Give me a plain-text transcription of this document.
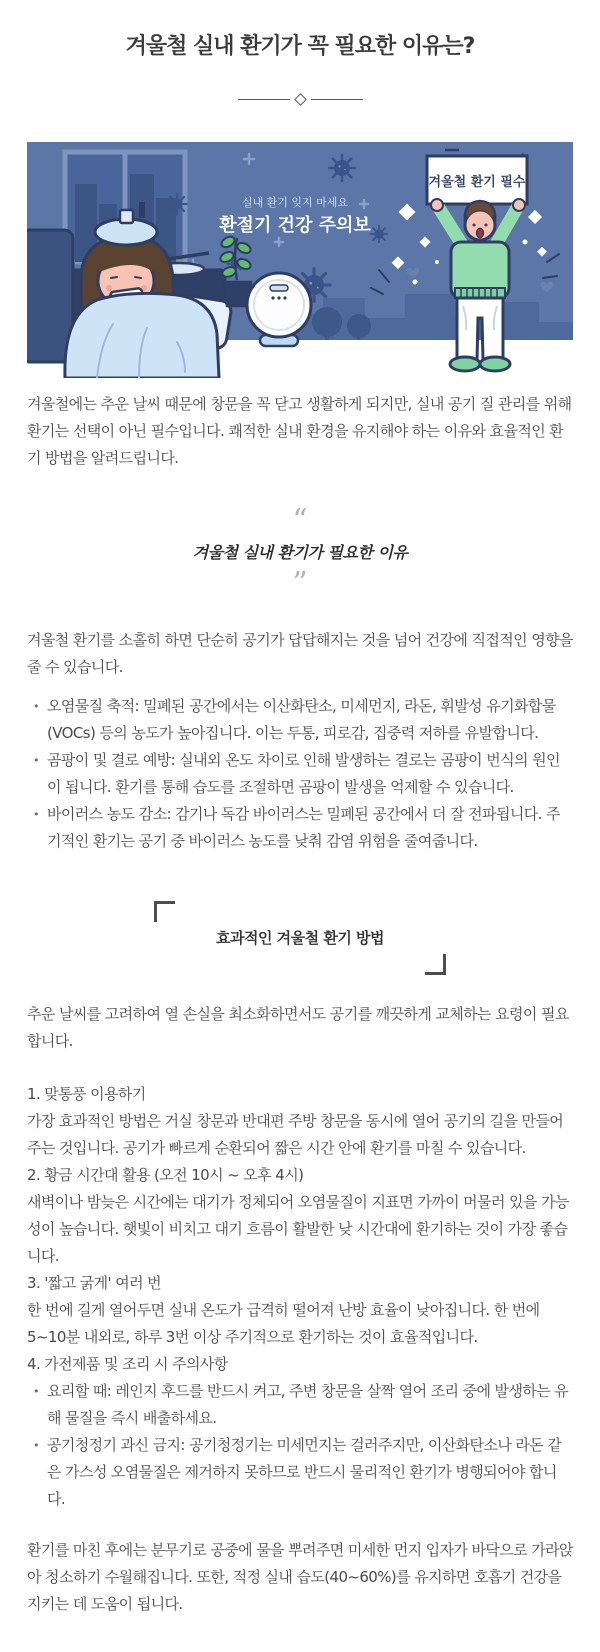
겨울철 실내 환기가 꼭 필요한 이유는?
실내 환기 잊지 마세요
환절기 건강 주의보
겨울철 환기 필수

겨울철에는 추운 날씨 때문에 창문을 꼭 닫고 생활하게 되지만, 실내 공기 질 관리를 위해 환기는 선택이 아닌 필수입니다. 쾌적한 실내 환경을 유지해야 하는 이유와 효율적인 환기 방법을 알려드립니다.

“
겨울철 실내 환기가 필요한 이유
”

겨울철 환기를 소홀히 하면 단순히 공기가 답답해지는 것을 넘어 건강에 직접적인 영향을 줄 수 있습니다.

• 오염물질 축적: 밀폐된 공간에서는 이산화탄소, 미세먼지, 라돈, 휘발성 유기화합물(VOCs) 등의 농도가 높아집니다. 이는 두통, 피로감, 집중력 저하를 유발합니다.
• 곰팡이 및 결로 예방: 실내외 온도 차이로 인해 발생하는 결로는 곰팡이 번식의 원인이 됩니다. 환기를 통해 습도를 조절하면 곰팡이 발생을 억제할 수 있습니다.
• 바이러스 농도 감소: 감기나 독감 바이러스는 밀폐된 공간에서 더 잘 전파됩니다. 주기적인 환기는 공기 중 바이러스 농도를 낮춰 감염 위험을 줄여줍니다.
효과적인 겨울철 환기 방법

추운 날씨를 고려하여 열 손실을 최소화하면서도 공기를 깨끗하게 교체하는 요령이 필요합니다.

1. 맞통풍 이용하기

가장 효과적인 방법은 거실 창문과 반대편 주방 창문을 동시에 열어 공기의 길을 만들어주는 것입니다. 공기가 빠르게 순환되어 짧은 시간 안에 환기를 마칠 수 있습니다.

2. 황금 시간대 활용 (오전 10시 ~ 오후 4시)

새벽이나 밤늦은 시간에는 대기가 정체되어 오염물질이 지표면 가까이 머물러 있을 가능성이 높습니다. 햇빛이 비치고 대기 흐름이 활발한 낮 시간대에 환기하는 것이 가장 좋습니다.

3. '짧고 굵게' 여러 번

한 번에 길게 열어두면 실내 온도가 급격히 떨어져 난방 효율이 낮아집니다. 한 번에 5~10분 내외로, 하루 3번 이상 주기적으로 환기하는 것이 효율적입니다.

4. 가전제품 및 조리 시 주의사항

• 요리할 때: 레인지 후드를 반드시 켜고, 주변 창문을 살짝 열어 조리 중에 발생하는 유해 물질을 즉시 배출하세요.
• 공기청정기 과신 금지: 공기청정기는 미세먼지는 걸러주지만, 이산화탄소나 라돈 같은 가스성 오염물질은 제거하지 못하므로 반드시 물리적인 환기가 병행되어야 합니다.

환기를 마친 후에는 분무기로 공중에 물을 뿌려주면 미세한 먼지 입자가 바닥으로 가라앉아 청소하기 수월해집니다. 또한, 적정 실내 습도(40~60%)를 유지하면 호흡기 건강을 지키는 데 도움이 됩니다.
